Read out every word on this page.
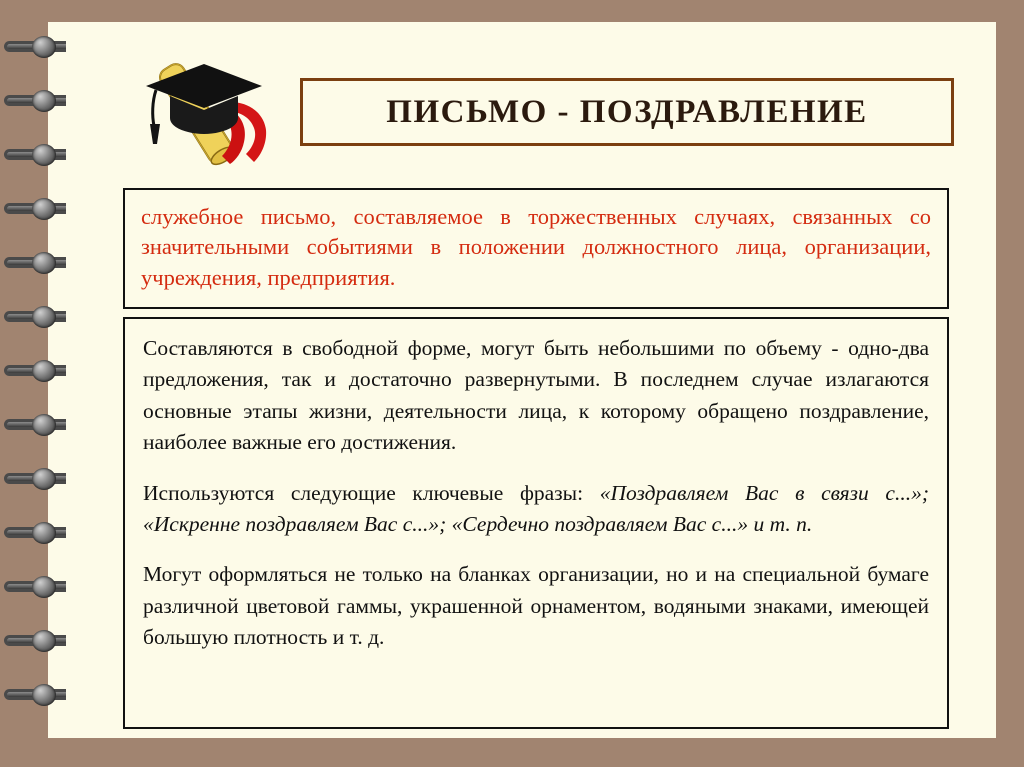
ПИСЬМО - ПОЗДРАВЛЕНИЕ
служебное письмо, составляемое в торжественных случаях, связанных со значительными событиями в положении должностного лица, организации, учреждения, предприятия.

Составляются в свободной форме, могут быть небольшими по объему - одно-два предложения, так и достаточно развернутыми. В последнем случае излагаются основные этапы жизни, деятельности лица, к которому обращено поздравление, наиболее важные его достижения.

Используются следующие ключевые фразы: «Поздравляем Вас в связи с...»; «Искренне поздравляем Вас с...»; «Сердечно поздравляем Вас с...» и т. п.

Могут оформляться не только на бланках организации, но и на специальной бумаге различной цветовой гаммы, украшенной орнаментом, водяными знаками, имеющей большую плотность и т. д.
